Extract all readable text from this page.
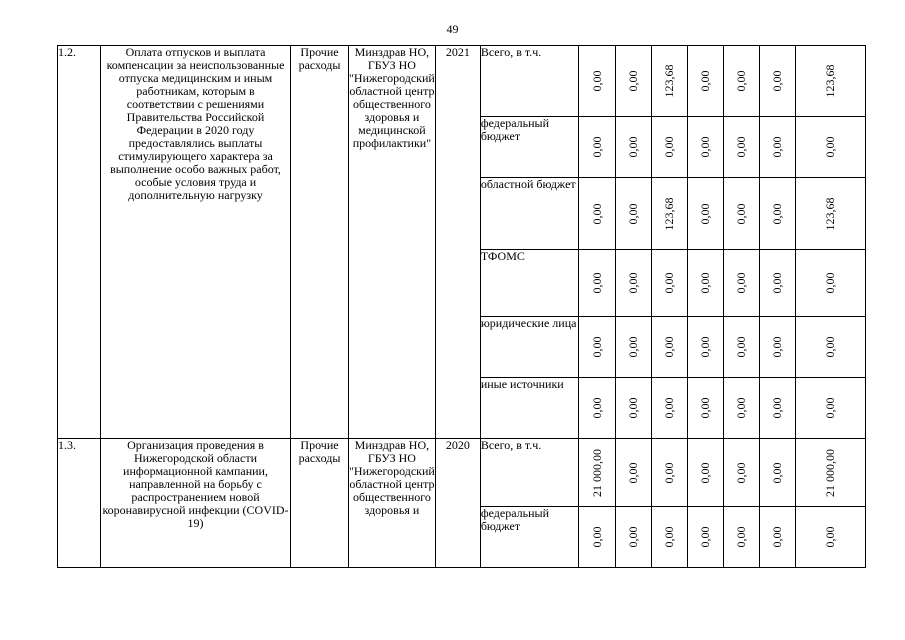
49
1.2.	Оплата отпусков и выплата компенсации за неиспользованные отпуска медицинским и иным работникам, которым в соответствии с решениями Правительства Российской Федерации в 2020 году предоставлялись выплаты стимулирующего характера за выполнение особо важных работ, особые условия труда и дополнительную нагрузку	Прочие расходы	Минздрав НО, ГБУЗ НО "Нижегородский областной центр общественного здоровья и медицинской профилактики"	2021	Всего, в т.ч.	0,00	0,00	123,68	0,00	0,00	0,00	123,68

					федеральный бюджет	0,00	0,00	0,00	0,00	0,00	0,00	0,00

					областной бюджет	0,00	0,00	123,68	0,00	0,00	0,00	123,68

					ТФОМС	0,00	0,00	0,00	0,00	0,00	0,00	0,00

					юридические лица	0,00	0,00	0,00	0,00	0,00	0,00	0,00

					иные источники	0,00	0,00	0,00	0,00	0,00	0,00	0,00

1.3.	Организация проведения в Нижегородской области информационной кампании, направленной на борьбу с распространением новой коронавирусной инфекции (COVID-19)	Прочие расходы	Минздрав НО, ГБУЗ НО "Нижегородский областной центр общественного здоровья и	2020	Всего, в т.ч.	21 000,00	0,00	0,00	0,00	0,00	0,00	21 000,00

					федеральный бюджет	0,00	0,00	0,00	0,00	0,00	0,00	0,00
